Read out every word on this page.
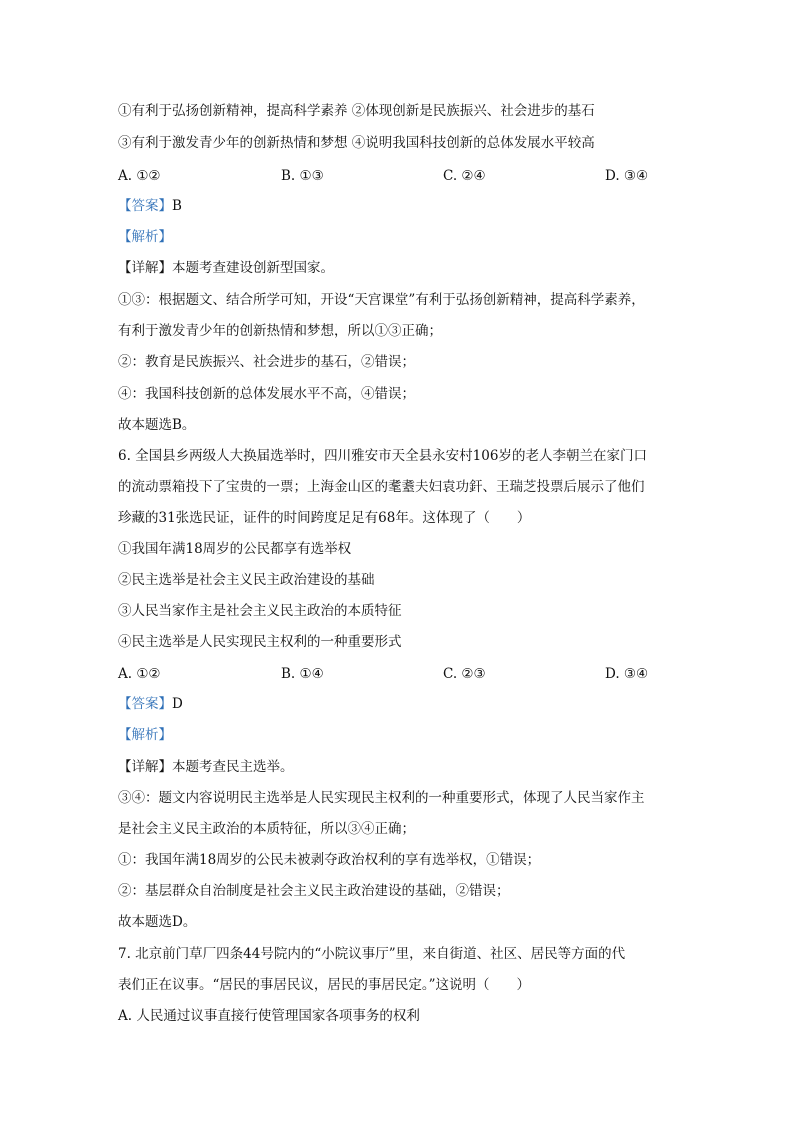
①有利于弘扬创新精神，提高科学素养 ②体现创新是民族振兴、社会进步的基石
③有利于激发青少年的创新热情和梦想 ④说明我国科技创新的总体发展水平较高
A. ①②	B. ①③	C. ②④	D. ③④
【答案】B
【解析】
【详解】本题考查建设创新型国家。
①③：根据题文、结合所学可知，开设“天宫课堂”有利于弘扬创新精神，提高科学素养，
有利于激发青少年的创新热情和梦想，所以①③正确；
②：教育是民族振兴、社会进步的基石，②错误；
④：我国科技创新的总体发展水平不高，④错误；
故本题选B。
6. 全国县乡两级人大换届选举时，四川雅安市天全县永安村106岁的老人李朝兰在家门口
的流动票箱投下了宝贵的一票；上海金山区的耄耋夫妇袁功釬、王瑞芝投票后展示了他们
珍藏的31张选民证，证件的时间跨度足足有68年。这体现了（　　）
①我国年满18周岁的公民都享有选举权
②民主选举是社会主义民主政治建设的基础
③人民当家作主是社会主义民主政治的本质特征
④民主选举是人民实现民主权利的一种重要形式
A. ①②	B. ①④	C. ②③	D. ③④
【答案】D
【解析】
【详解】本题考查民主选举。
③④：题文内容说明民主选举是人民实现民主权利的一种重要形式，体现了人民当家作主
是社会主义民主政治的本质特征，所以③④正确；
①：我国年满18周岁的公民未被剥夺政治权利的享有选举权，①错误；
②：基层群众自治制度是社会主义民主政治建设的基础，②错误；
故本题选D。
7. 北京前门草厂四条44号院内的“小院议事厅”里，来自街道、社区、居民等方面的代
表们正在议事。“居民的事居民议，居民的事居民定。”这说明（　　）
A. 人民通过议事直接行使管理国家各项事务的权利
